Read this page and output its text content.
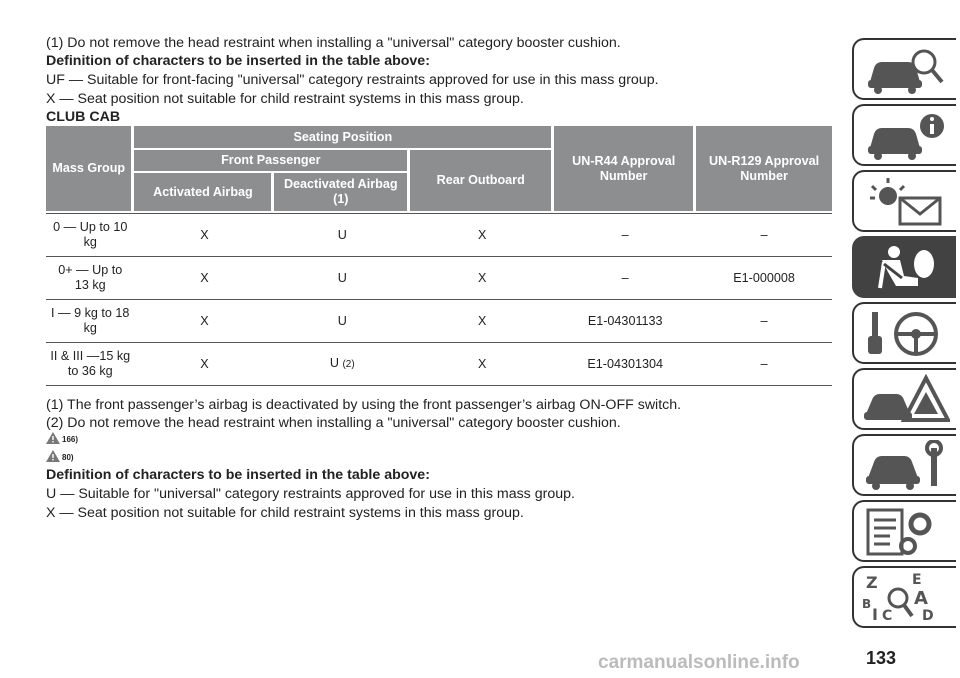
(1) Do not remove the head restraint when installing a "universal" category booster cushion.
Definition of characters to be inserted in the table above:
UF — Suitable for front-facing "universal" category restraints approved for use in this mass group.
X — Seat position not suitable for child restraint systems in this mass group.
CLUB CAB
Mass Group	Seating Position			UN-R44 Approval Number	UN-R129 Approval Number
	Front Passenger		Rear Outboard		
	Activated Airbag	Deactivated Airbag (1)			
0 — Up to 10 kg	X	U	X	–	–
0+ — Up to 13 kg	X	U	X	–	E1-000008
I — 9 kg to 18 kg	X	U	X	E1-04301133	–
II & III —15 kg to 36 kg	X	U (2)	X	E1-04301304	–
(1) The front passenger’s airbag is deactivated by using the front passenger’s airbag ON-OFF switch.
(2) Do not remove the head restraint when installing a "universal" category booster cushion.
166)
80)
Definition of characters to be inserted in the table above:
U — Suitable for "universal" category restraints approved for use in this mass group.
X — Seat position not suitable for child restraint systems in this mass group.
Z E
B A
I C D
carmanualsonline.info	133
